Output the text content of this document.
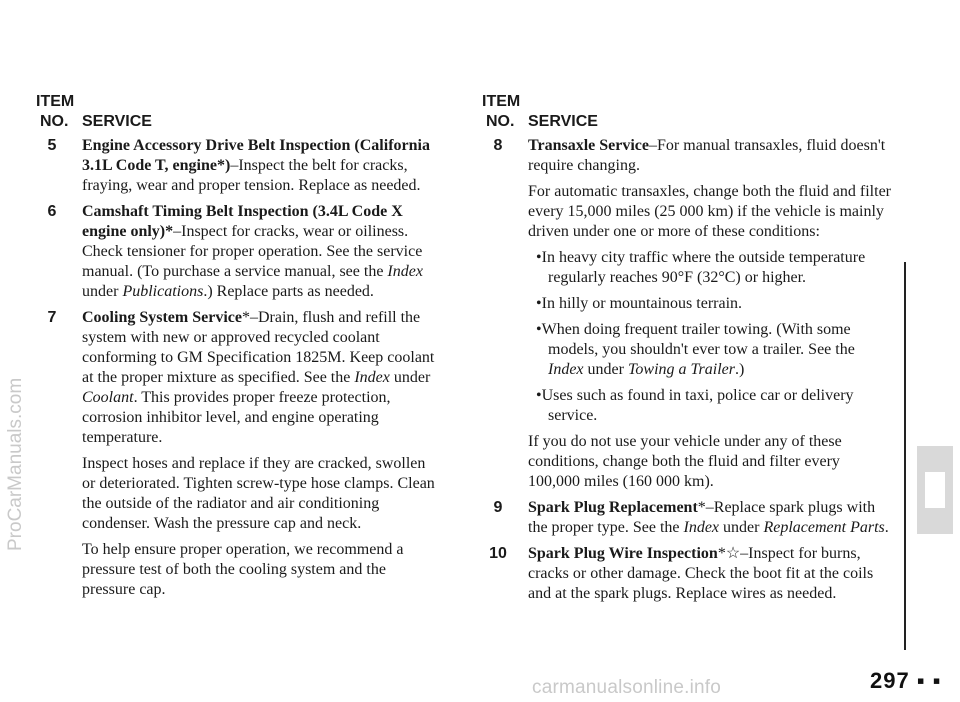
ProCarManuals.com
ITEM
NO. SERVICE
5	Engine Accessory Drive Belt Inspection (California 3.1L Code T, engine*)–Inspect the belt for cracks, fraying, wear and proper tension. Replace as needed.

6	Camshaft Timing Belt Inspection (3.4L Code X engine only)*–Inspect for cracks, wear or oiliness. Check tensioner for proper operation. See the service manual. (To purchase a service manual, see the Index under Publications.) Replace parts as needed.

7	Cooling System Service*–Drain, flush and refill the system with new or approved recycled coolant conforming to GM Specification 1825M. Keep coolant at the proper mixture as specified. See the Index under Coolant. This provides proper freeze protection, corrosion inhibitor level, and engine operating temperature.

Inspect hoses and replace if they are cracked, swollen or deteriorated. Tighten screw-type hose clamps. Clean the outside of the radiator and air conditioning condenser. Wash the pressure cap and neck.

To help ensure proper operation, we recommend a pressure test of both the cooling system and the pressure cap.

ITEM
NO. SERVICE
8	Transaxle Service–For manual transaxles, fluid doesn't require changing.

For automatic transaxles, change both the fluid and filter every 15,000 miles (25 000 km) if the vehicle is mainly driven under one or more of these conditions:

•In heavy city traffic where the outside temperature regularly reaches 90°F (32°C) or higher.
•In hilly or mountainous terrain.
•When doing frequent trailer towing. (With some models, you shouldn't ever tow a trailer. See the Index under Towing a Trailer.)
•Uses such as found in taxi, police car or delivery service.

If you do not use your vehicle under any of these conditions, change both the fluid and filter every 100,000 miles (160 000 km).

9	Spark Plug Replacement*–Replace spark plugs with the proper type. See the Index under Replacement Parts.

10	Spark Plug Wire Inspection*☆–Inspect for burns, cracks or other damage. Check the boot fit at the coils and at the spark plugs. Replace wires as needed.

297 ▪ ▪
carmanualsonline.info
